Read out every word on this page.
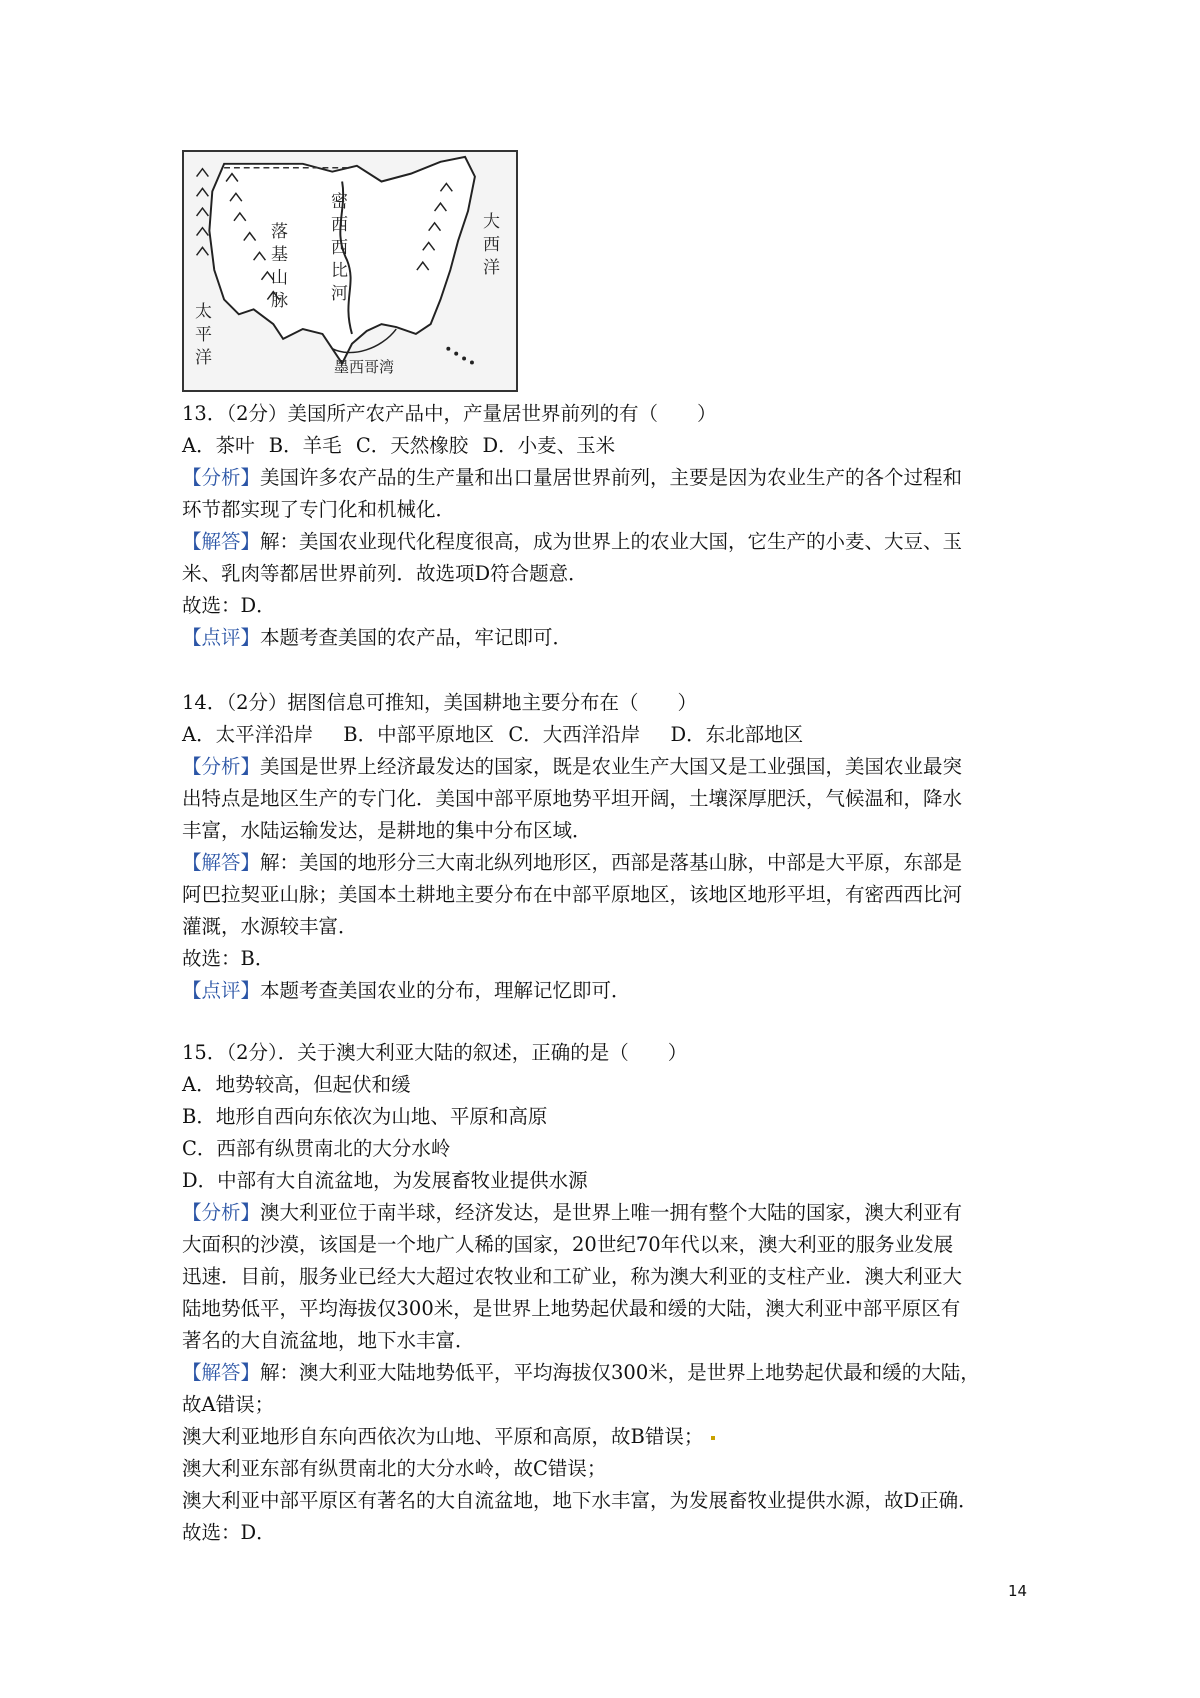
落基山脉 密西西比河	大西洋
太平洋	墨西哥湾
13．（2分）美国所产农产品中，产量居世界前列的有（　　）
A．茶叶 B．羊毛 C．天然橡胶 D．小麦、玉米
【分析】美国许多农产品的生产量和出口量居世界前列，主要是因为农业生产的各个过程和
环节都实现了专门化和机械化．
【解答】解：美国农业现代化程度很高，成为世界上的农业大国，它生产的小麦、大豆、玉
米、乳肉等都居世界前列．故选项D符合题意．
故选：D．
【点评】本题考查美国的农产品，牢记即可．
14．（2分）据图信息可推知，美国耕地主要分布在（　　）
A．太平洋沿岸 B．中部平原地区 C．大西洋沿岸 D．东北部地区
【分析】美国是世界上经济最发达的国家，既是农业生产大国又是工业强国，美国农业最突
出特点是地区生产的专门化．美国中部平原地势平坦开阔，土壤深厚肥沃，气候温和，降水
丰富，水陆运输发达，是耕地的集中分布区域．
【解答】解：美国的地形分三大南北纵列地形区，西部是落基山脉，中部是大平原，东部是
阿巴拉契亚山脉；美国本土耕地主要分布在中部平原地区，该地区地形平坦，有密西西比河
灌溉，水源较丰富．
故选：B．
【点评】本题考查美国农业的分布，理解记忆即可．
15．（2分）．关于澳大利亚大陆的叙述，正确的是（　　）
A．地势较高，但起伏和缓
B．地形自西向东依次为山地、平原和高原
C．西部有纵贯南北的大分水岭
D．中部有大自流盆地，为发展畜牧业提供水源
【分析】澳大利亚位于南半球，经济发达，是世界上唯一拥有整个大陆的国家，澳大利亚有
大面积的沙漠，该国是一个地广人稀的国家，20世纪70年代以来，澳大利亚的服务业发展
迅速．目前，服务业已经大大超过农牧业和工矿业，称为澳大利亚的支柱产业．澳大利亚大
陆地势低平，平均海拔仅300米，是世界上地势起伏最和缓的大陆，澳大利亚中部平原区有
著名的大自流盆地，地下水丰富．
【解答】解：澳大利亚大陆地势低平，平均海拔仅300米，是世界上地势起伏最和缓的大陆，
故A错误；
澳大利亚地形自东向西依次为山地、平原和高原，故B错误；
澳大利亚东部有纵贯南北的大分水岭，故C错误；
澳大利亚中部平原区有著名的大自流盆地，地下水丰富，为发展畜牧业提供水源，故D正确．
故选：D．
14
